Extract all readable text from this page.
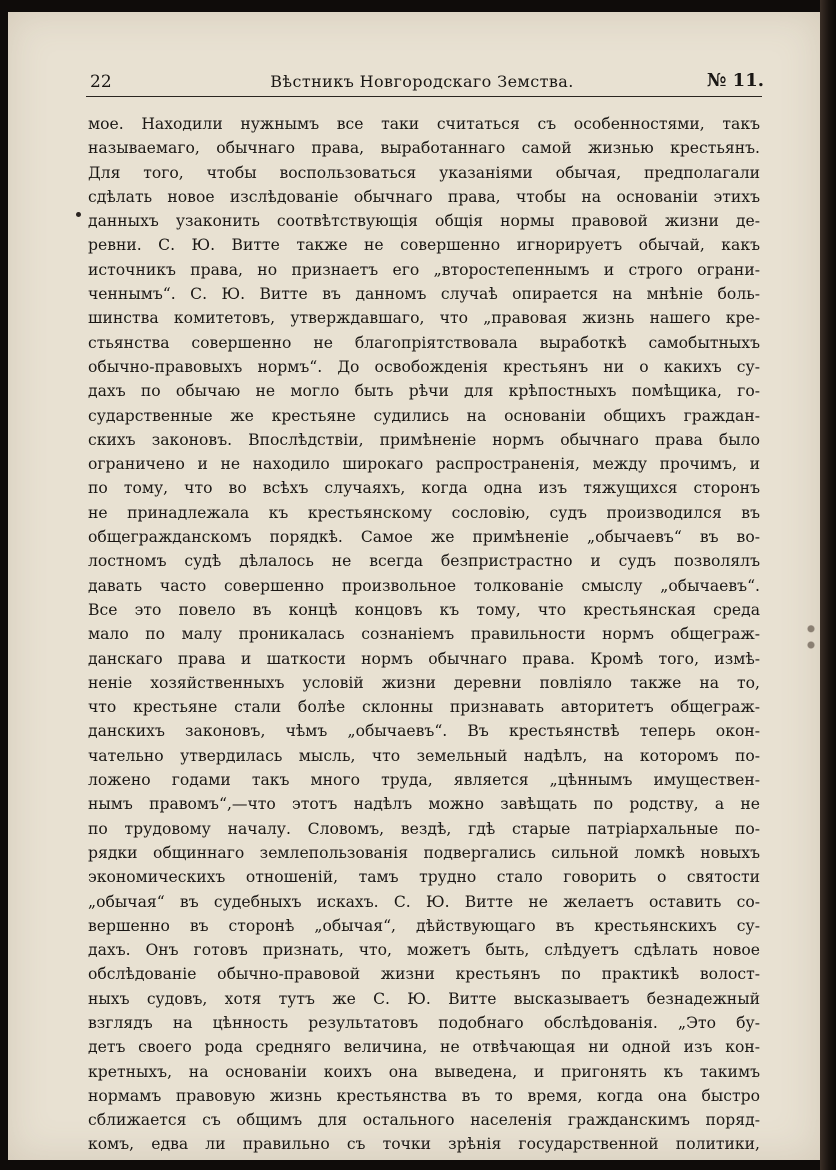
22	Вѣстникъ Новгородскаго Земства.	№ 11.
мое. Находили нужнымъ все таки считаться съ особенностями, такъ
называемаго, обычнаго права, выработаннаго самой жизнью крестьянъ.
Для того, чтобы воспользоваться указаніями обычая, предполагали
сдѣлать новое изслѣдованіе обычнаго права, чтобы на основаніи этихъ
данныхъ узаконить соотвѣтствующія общія нормы правовой жизни де-
ревни. С. Ю. Витте также не совершенно игнорируетъ обычай, какъ
источникъ права, но признаетъ его „второстепеннымъ и строго ограни-
ченнымъ“. С. Ю. Витте въ данномъ случаѣ опирается на мнѣніе боль-
шинства комитетовъ, утверждавшаго, что „правовая жизнь нашего кре-
стьянства совершенно не благопріятствовала выработкѣ самобытныхъ
обычно-правовыхъ нормъ“. До освобожденія крестьянъ ни о какихъ су-
дахъ по обычаю не могло быть рѣчи для крѣпостныхъ помѣщика, го-
сударственные же крестьяне судились на основаніи общихъ граждан-
скихъ законовъ. Впослѣдствіи, примѣненіе нормъ обычнаго права было
ограничено и не находило широкаго распространенія, между прочимъ, и
по тому, что во всѣхъ случаяхъ, когда одна изъ тяжущихся сторонъ
не принадлежала къ крестьянскому сословію, судъ производился въ
общегражданскомъ порядкѣ. Самое же примѣненіе „обычаевъ“ въ во-
лостномъ судѣ дѣлалось не всегда безпристрастно и судъ позволялъ
давать часто совершенно произвольное толкованіе смыслу „обычаевъ“.
Все это повело въ концѣ концовъ къ тому, что крестьянская среда
мало по малу проникалась сознаніемъ правильности нормъ общеграж-
данскаго права и шаткости нормъ обычнаго права. Кромѣ того, измѣ-
неніе хозяйственныхъ условій жизни деревни повліяло также на то,
что крестьяне стали болѣе склонны признавать авторитетъ общеграж-
данскихъ законовъ, чѣмъ „обычаевъ“. Въ крестьянствѣ теперь окон-
чательно утвердилась мысль, что земельный надѣлъ, на которомъ по-
ложено годами такъ много труда, является „цѣннымъ имуществен-
нымъ правомъ“,—что этотъ надѣлъ можно завѣщать по родству, а не
по трудовому началу. Словомъ, вездѣ, гдѣ старые патріархальные по-
рядки общиннаго землепользованія подвергались сильной ломкѣ новыхъ
экономическихъ отношеній, тамъ трудно стало говорить о святости
„обычая“ въ судебныхъ искахъ. С. Ю. Витте не желаетъ оставить со-
вершенно въ сторонѣ „обычая“, дѣйствующаго въ крестьянскихъ су-
дахъ. Онъ готовъ признать, что, можетъ быть, слѣдуетъ сдѣлать новое
обслѣдованіе обычно-правовой жизни крестьянъ по практикѣ волост-
ныхъ судовъ, хотя тутъ же С. Ю. Витте высказываетъ безнадежный
взглядъ на цѣнность результатовъ подобнаго обслѣдованія. „Это бу-
детъ своего рода средняго величина, не отвѣчающая ни одной изъ кон-
кретныхъ, на основаніи коихъ она выведена, и пригонять къ такимъ
нормамъ правовую жизнь крестьянства въ то время, когда она быстро
сближается съ общимъ для остального населенія гражданскимъ поряд-
комъ, едва ли правильно съ точки зрѣнія государственной политики,
